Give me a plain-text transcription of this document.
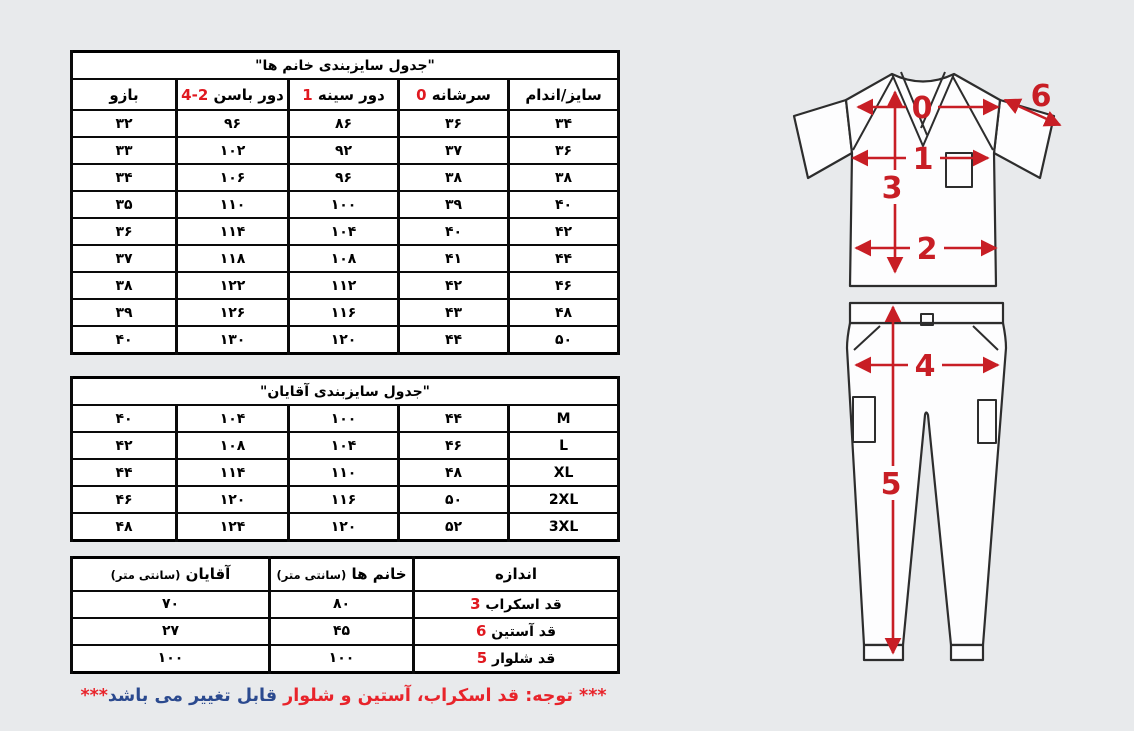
"جدول سایزبندی خانم ها"				
سایز/اندام	سرشانه 0	دور سینه 1	دور باسن 2-4	بازو
۳۴	۳۶	۸۶	۹۶	۳۲
۳۶	۳۷	۹۲	۱۰۲	۳۳
۳۸	۳۸	۹۶	۱۰۶	۳۴
۴۰	۳۹	۱۰۰	۱۱۰	۳۵
۴۲	۴۰	۱۰۴	۱۱۴	۳۶
۴۴	۴۱	۱۰۸	۱۱۸	۳۷
۴۶	۴۲	۱۱۲	۱۲۲	۳۸
۴۸	۴۳	۱۱۶	۱۲۶	۳۹
۵۰	۴۴	۱۲۰	۱۳۰	۴۰
"جدول سایزبندی آقایان"				
M	۴۴	۱۰۰	۱۰۴	۴۰
L	۴۶	۱۰۴	۱۰۸	۴۲
XL	۴۸	۱۱۰	۱۱۴	۴۴
2XL	۵۰	۱۱۶	۱۲۰	۴۶
3XL	۵۲	۱۲۰	۱۲۴	۴۸
اندازه	خانم ها (سانتی متر)	آقایان (سانتی متر)
قد اسکراب 3	۸۰	۷۰
قد آستین 6	۴۵	۲۷
قد شلوار 5	۱۰۰	۱۰۰
*** توجه: قد اسکراب، آستین و شلوار قابل تغییر می باشد***
0	6
1
3
2
4
5
